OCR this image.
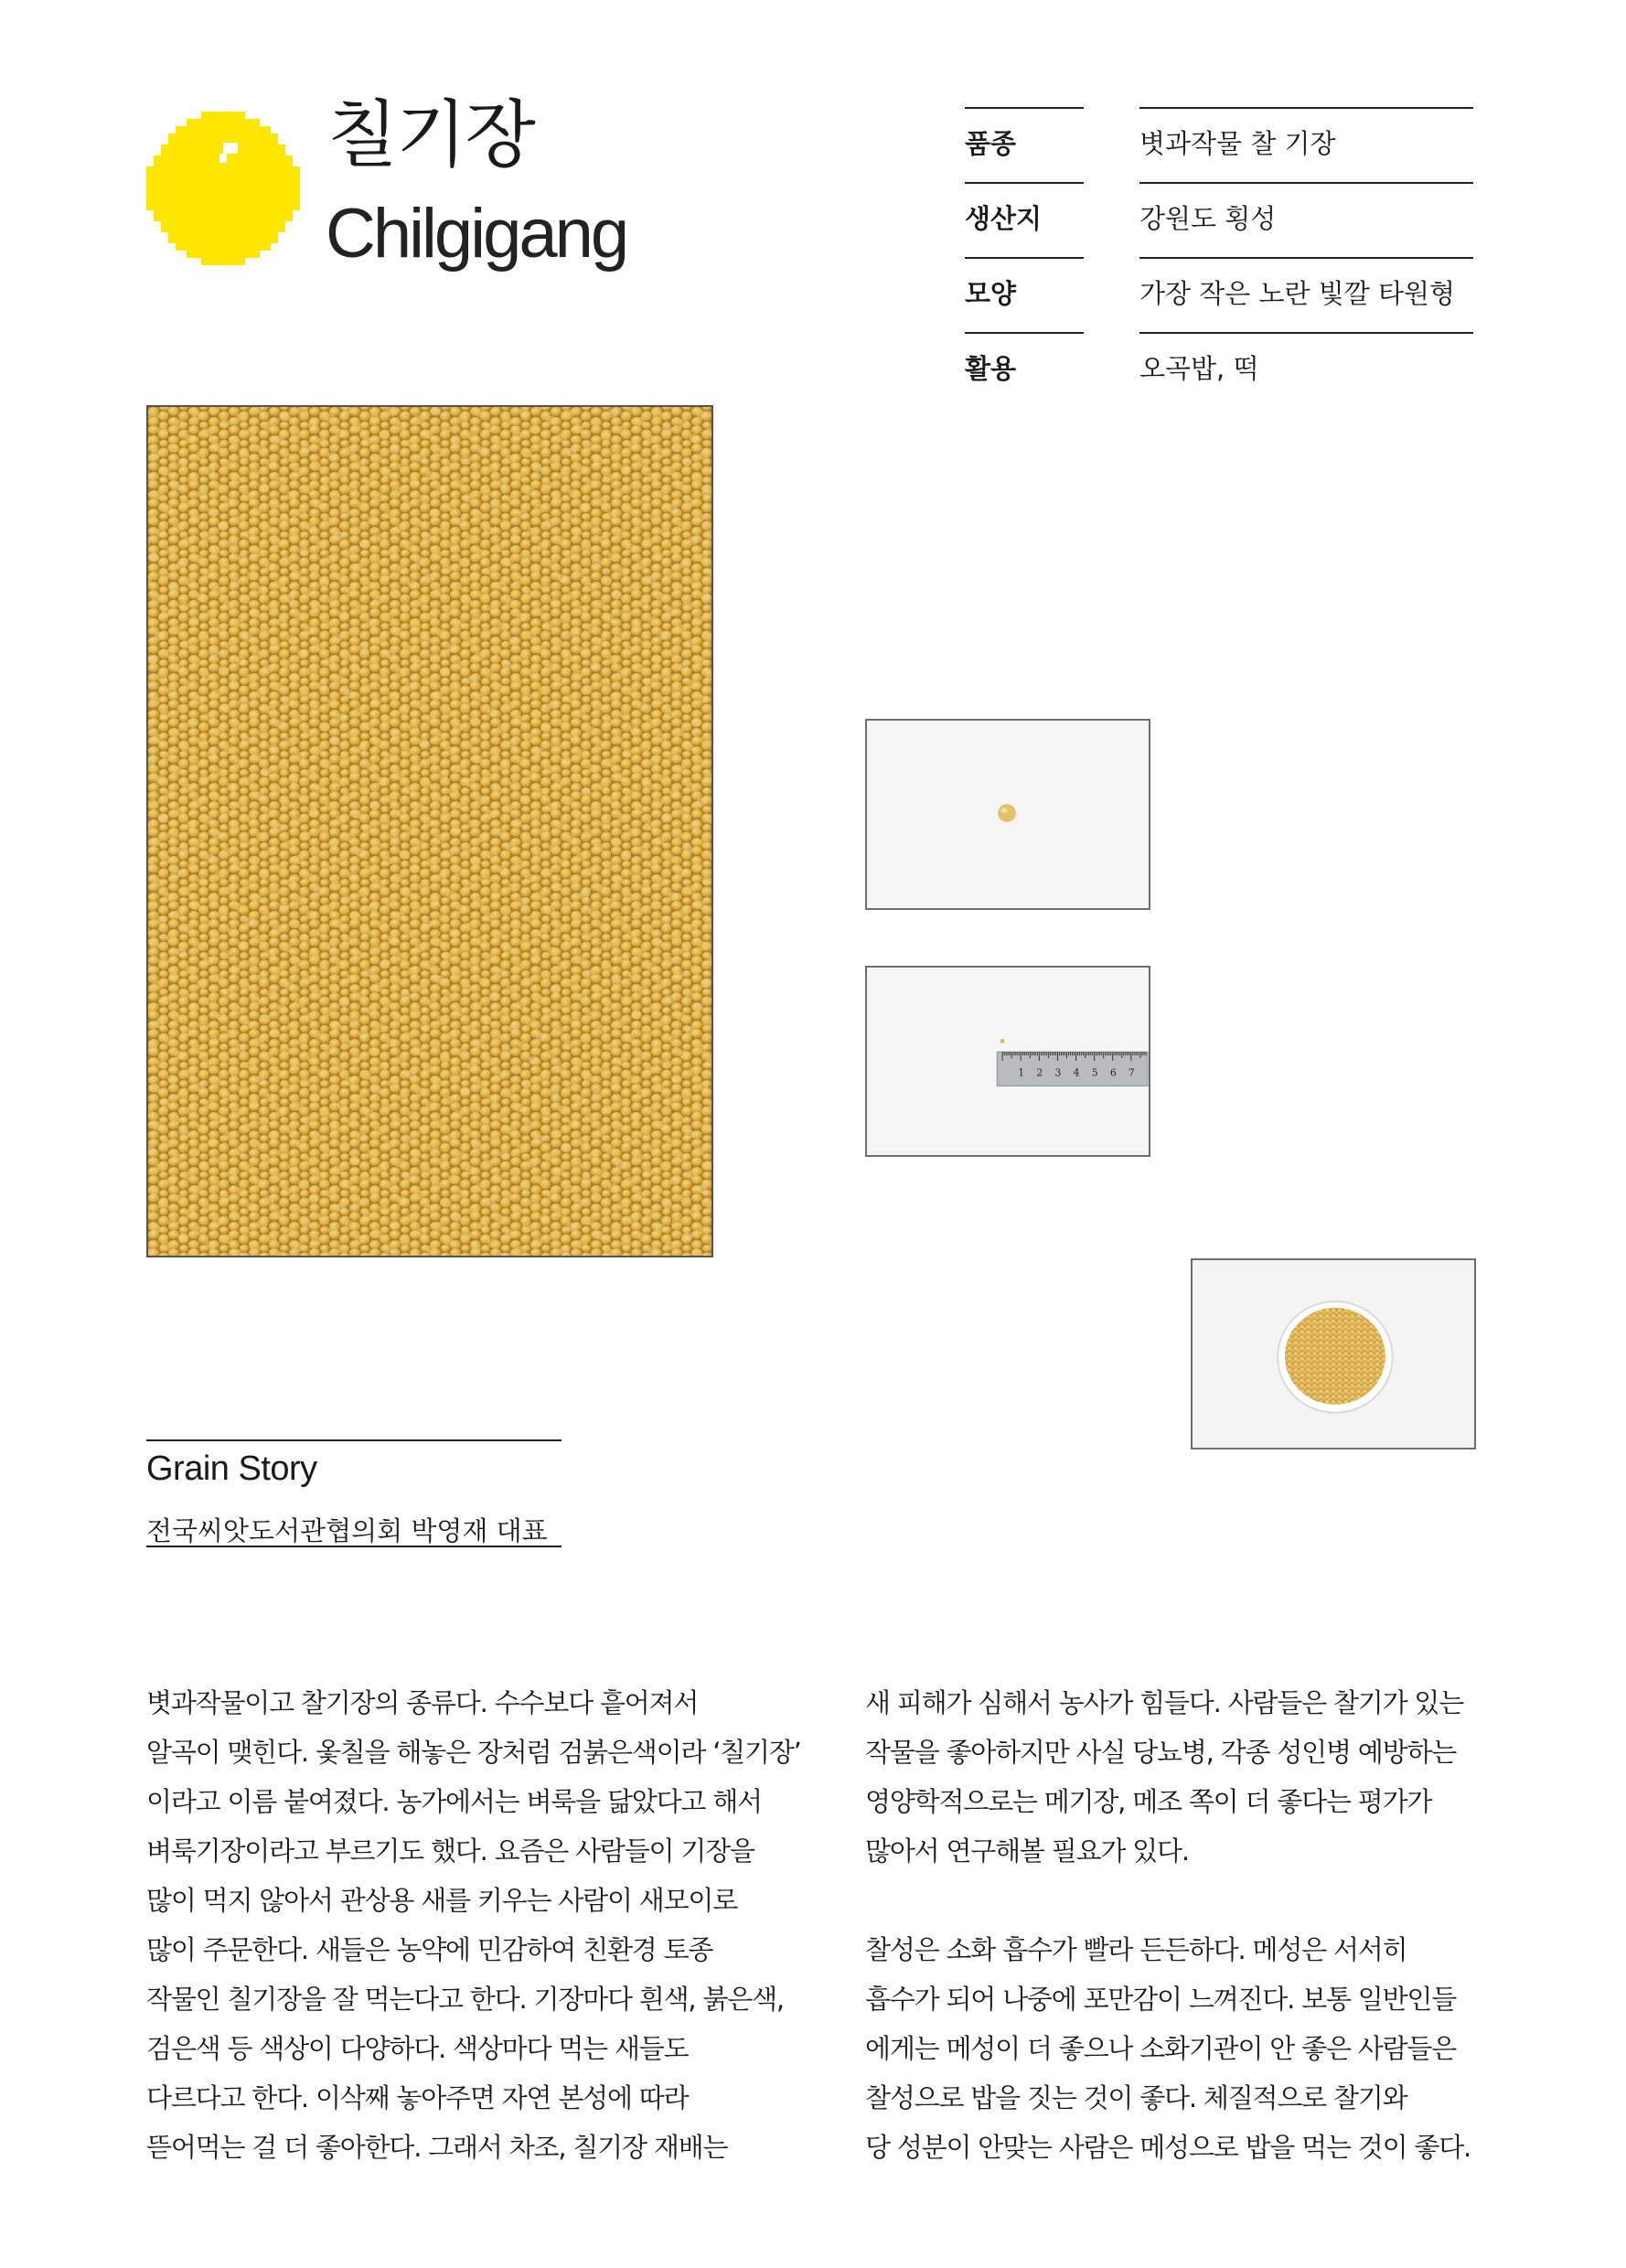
칠기장
Chilgigang
품종	볏과작물 찰 기장
생산지	강원도 횡성
모양	가장 작은 노란 빛깔 타원형
활용	오곡밥, 떡
1 2 3 4 5 6 7
Grain Story
전국씨앗도서관협의회 박영재 대표

볏과작물이고 찰기장의 종류다. 수수보다 흩어져서
알곡이 맺힌다. 옻칠을 해놓은 장처럼 검붉은색이라 ‘칠기장’
이라고 이름 붙여졌다. 농가에서는 벼룩을 닮았다고 해서
벼룩기장이라고 부르기도 했다. 요즘은 사람들이 기장을
많이 먹지 않아서 관상용 새를 키우는 사람이 새모이로
많이 주문한다. 새들은 농약에 민감하여 친환경 토종
작물인 칠기장을 잘 먹는다고 한다. 기장마다 흰색, 붉은색,
검은색 등 색상이 다양하다. 색상마다 먹는 새들도
다르다고 한다. 이삭째 놓아주면 자연 본성에 따라
뜯어먹는 걸 더 좋아한다. 그래서 차조, 칠기장 재배는

새 피해가 심해서 농사가 힘들다. 사람들은 찰기가 있는
작물을 좋아하지만 사실 당뇨병, 각종 성인병 예방하는
영양학적으로는 메기장, 메조 쪽이 더 좋다는 평가가
많아서 연구해볼 필요가 있다.

찰성은 소화 흡수가 빨라 든든하다. 메성은 서서히
흡수가 되어 나중에 포만감이 느껴진다. 보통 일반인들
에게는 메성이 더 좋으나 소화기관이 안 좋은 사람들은
찰성으로 밥을 짓는 것이 좋다. 체질적으로 찰기와
당 성분이 안맞는 사람은 메성으로 밥을 먹는 것이 좋다.
